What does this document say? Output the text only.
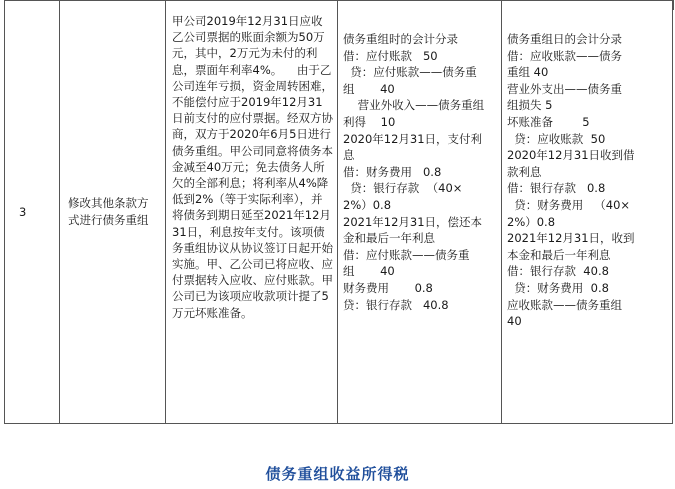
3

修改其他条款方式进行债务重组

甲公司2019年12月31日应收乙公司票据的账面余额为50万元，其中，2万元为未付的利息，票面年利率4%。    由于乙公司连年亏损，资金周转困难，不能偿付应于2019年12月31日前支付的应付票据。经双方协商，双方于2020年6月5日进行债务重组。甲公司同意将债务本金减至40万元；免去债务人所欠的全部利息；将利率从4%降低到2%（等于实际利率），并将债务到期日延至2021年12月31日，利息按年支付。该项债务重组协议从协议签订日起开始实施。甲、乙公司已将应收、应付票据转入应收、应付账款。甲公司已为该项应收款项计提了5万元坏账准备。

债务重组时的会计分录
借：应付账款   50
贷：应付账款——债务重
组       40
营业外收入——债务重组
利得    10
2020年12月31日，支付利
息
借：财务费用   0.8
贷：银行存款  （40×
2%）0.8
2021年12月31日，偿还本
金和最后一年利息
借：应付账款——债务重
组       40
财务费用       0.8
贷：银行存款   40.8

债务重组日的会计分录
借：应收账款——债务
重组 40
营业外支出——债务重
组损失 5
坏账准备        5
贷：应收账款  50
2020年12月31日收到借
款利息
借：银行存款   0.8
贷：财务费用   （40×
2%）0.8
2021年12月31日，收到
本金和最后一年利息
借：银行存款  40.8
贷：财务费用  0.8
应收账款——债务重组
40
债务重组收益所得税
